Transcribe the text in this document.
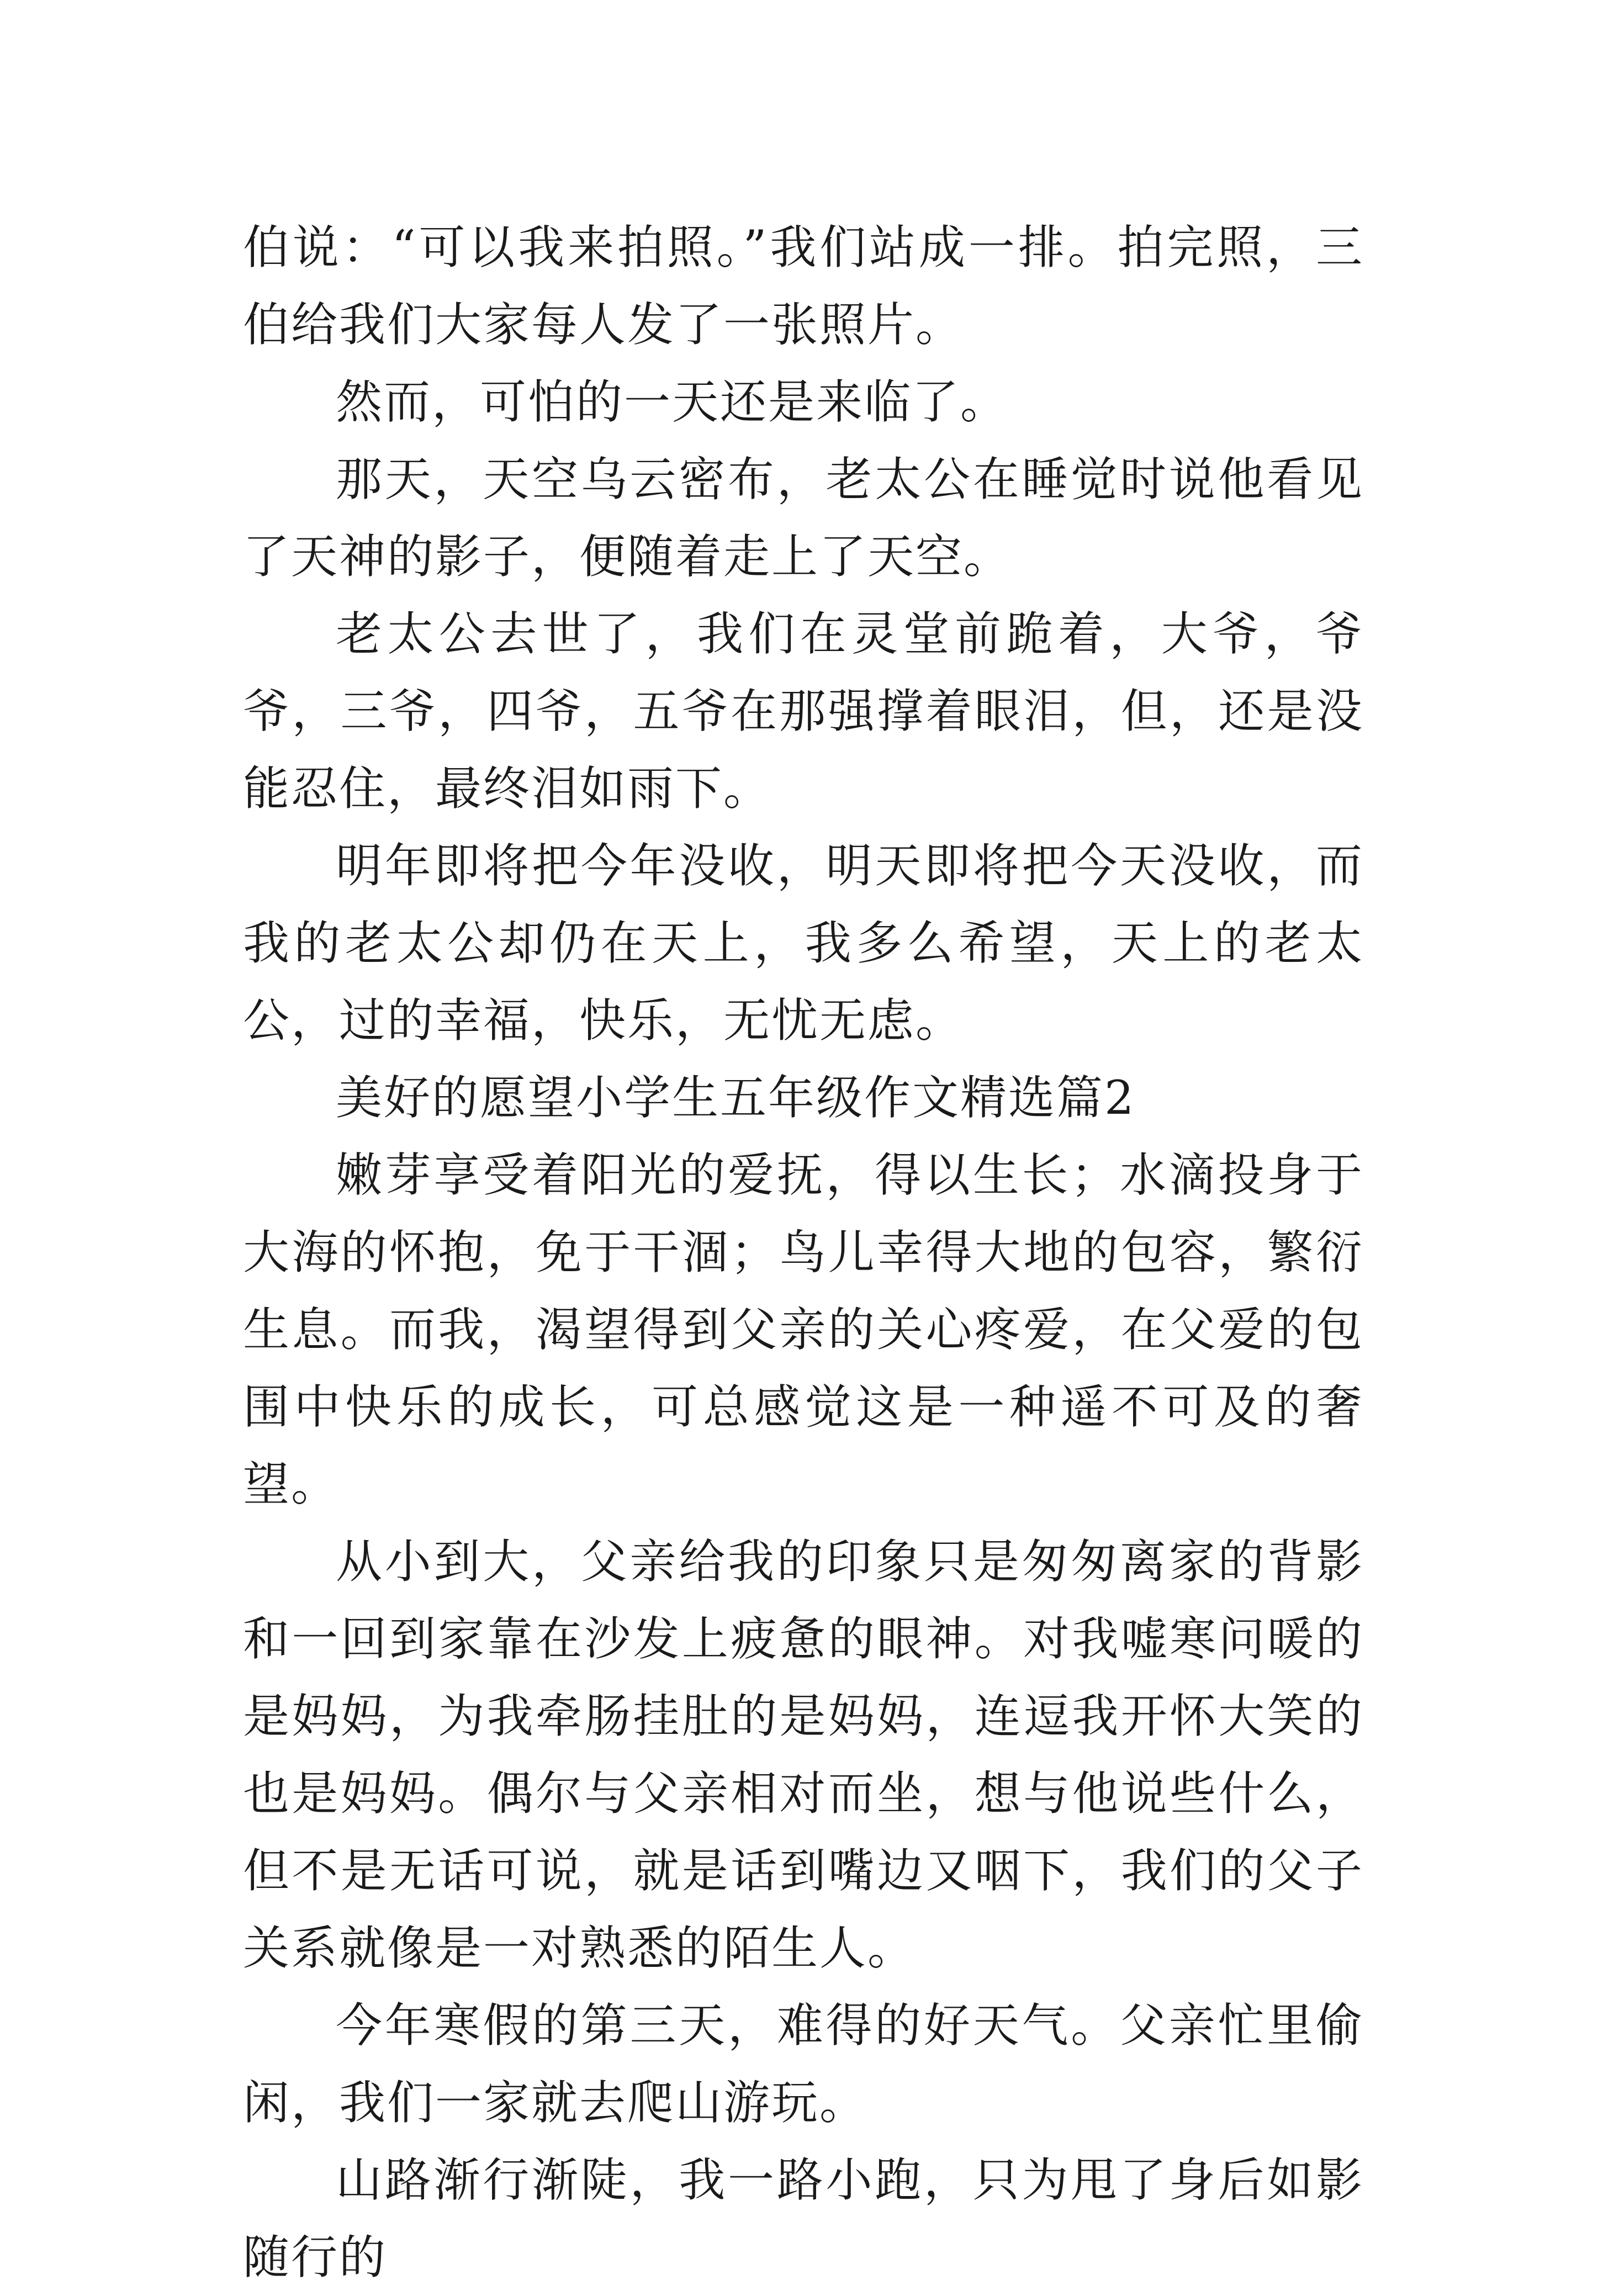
伯说：“可以我来拍照。”我们站成一排。拍完照，三伯给我们大家每人发了一张照片。

然而，可怕的一天还是来临了。

那天，天空乌云密布，老太公在睡觉时说他看见了天神的影子，便随着走上了天空。

老太公去世了，我们在灵堂前跪着，大爷，爷爷，三爷，四爷，五爷在那强撑着眼泪，但，还是没能忍住，最终泪如雨下。

明年即将把今年没收，明天即将把今天没收，而我的老太公却仍在天上，我多么希望，天上的老太公，过的幸福，快乐，无忧无虑。

美好的愿望小学生五年级作文精选篇2

嫩芽享受着阳光的爱抚，得以生长；水滴投身于大海的怀抱，免于干涸；鸟儿幸得大地的包容，繁衍生息。而我，渴望得到父亲的关心疼爱，在父爱的包围中快乐的成长，可总感觉这是一种遥不可及的奢望。

从小到大，父亲给我的印象只是匆匆离家的背影和一回到家靠在沙发上疲惫的眼神。对我嘘寒问暖的是妈妈，为我牵肠挂肚的是妈妈，连逗我开怀大笑的也是妈妈。偶尔与父亲相对而坐，想与他说些什么，但不是无话可说，就是话到嘴边又咽下，我们的父子关系就像是一对熟悉的陌生人。

今年寒假的第三天，难得的好天气。父亲忙里偷闲，我们一家就去爬山游玩。

山路渐行渐陡，我一路小跑，只为甩了身后如影随行的
